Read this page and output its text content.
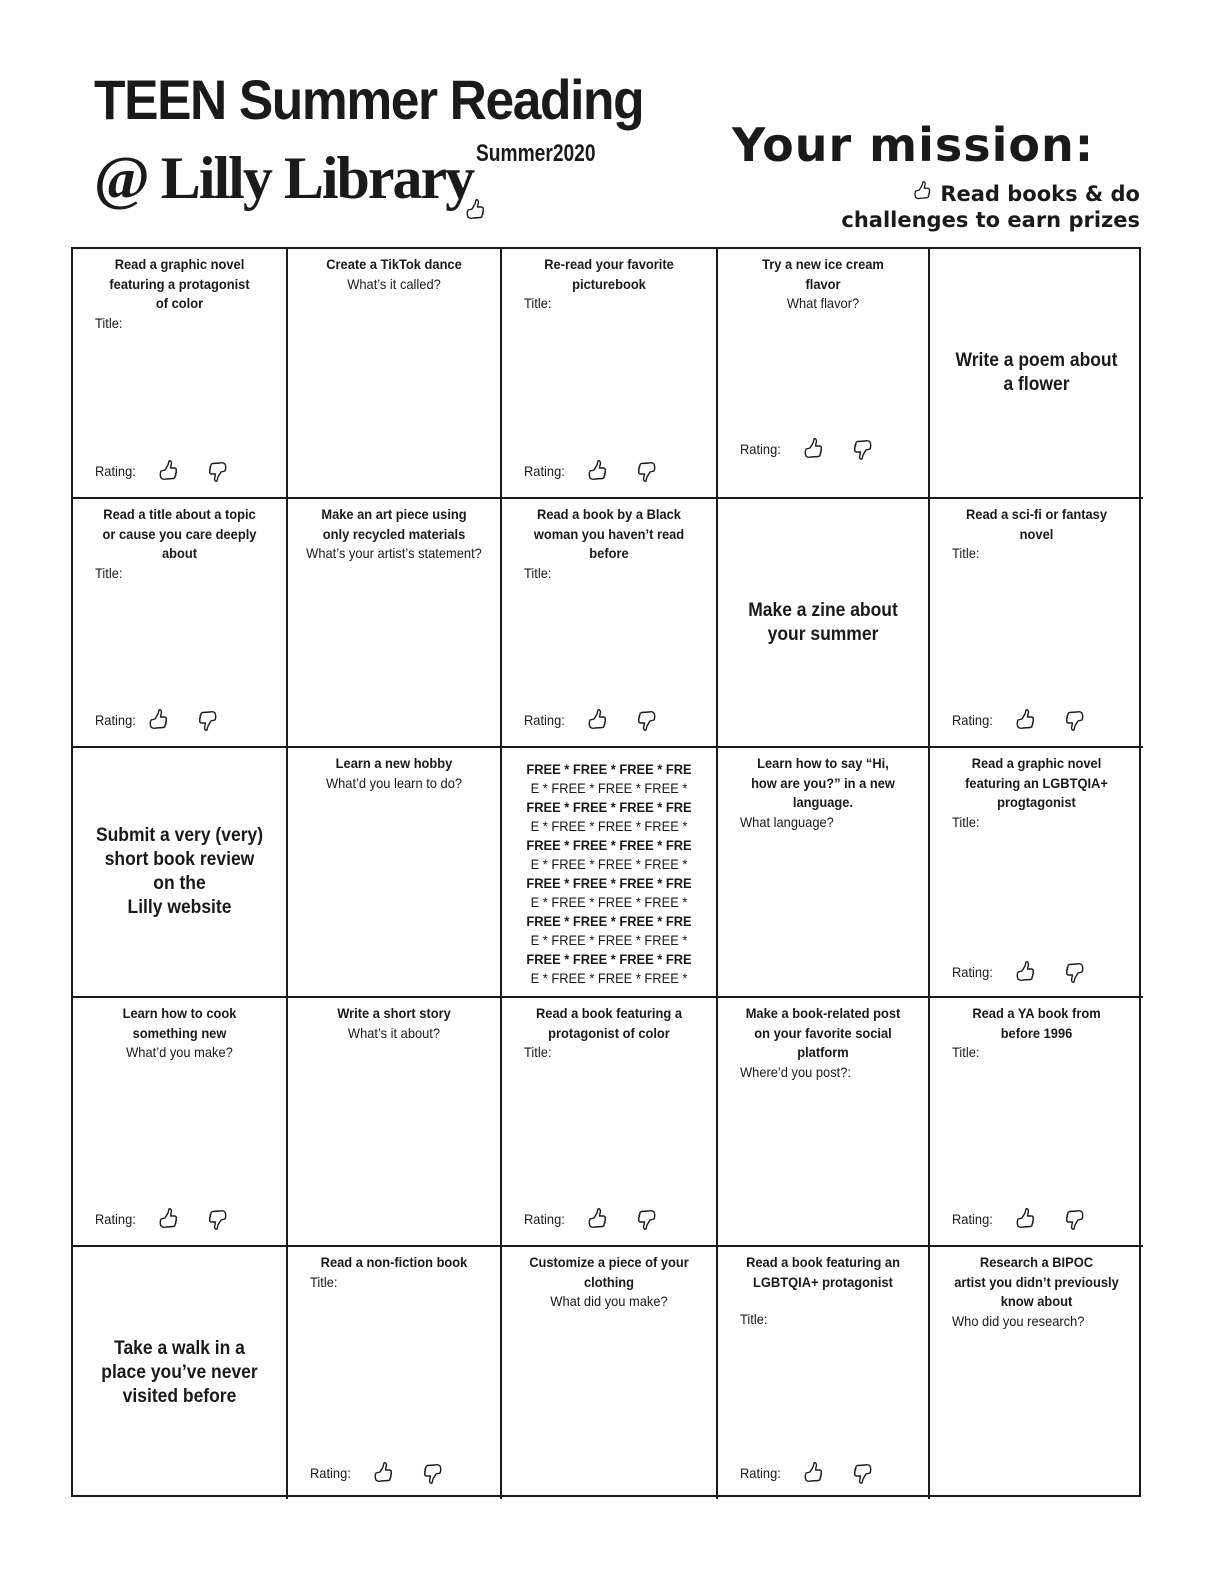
TEEN Summer Reading
@ Lilly Library Summer2020	Your mission:
Read books & do
challenges to earn prizes
Read a graphic novel
featuring a protagonist
of color
Title:
Rating:
Create a TikTok dance
What’s it called?
Re-read your favorite
picturebook
Title:
Rating:
Try a new ice cream
flavor
What flavor?
Rating:
Write a poem about
a flower
Read a title about a topic
or cause you care deeply
about
Title:
Rating:
Make an art piece using
only recycled materials
What’s your artist’s statement?
Read a book by a Black
woman you haven’t read
before
Title:
Rating:
Make a zine about
your summer
Read a sci-fi or fantasy
novel
Title:
Rating:
Submit a very (very)
short book review
on the
Lilly website
Learn a new hobby
What’d you learn to do?
FREE * FREE * FREE * FRE
E * FREE * FREE * FREE *
FREE * FREE * FREE * FRE
E * FREE * FREE * FREE *
FREE * FREE * FREE * FRE
E * FREE * FREE * FREE *
FREE * FREE * FREE * FRE
E * FREE * FREE * FREE *
FREE * FREE * FREE * FRE
E * FREE * FREE * FREE *
FREE * FREE * FREE * FRE
E * FREE * FREE * FREE *
Learn how to say “Hi,
how are you?” in a new
language.
What language?
Read a graphic novel
featuring an LGBTQIA+
progtagonist
Title:
Rating:
Learn how to cook
something new
What’d you make?
Rating:
Write a short story
What’s it about?
Read a book featuring a
protagonist of color
Title:
Rating:
Make a book-related post
on your favorite social
platform
Where’d you post?:
Read a YA book from
before 1996
Title:
Rating:
Take a walk in a
place you’ve never
visited before
Read a non-fiction book
Title:
Rating:
Customize a piece of your
clothing
What did you make?
Read a book featuring an
LGBTQIA+ protagonist
Title:
Rating:
Research a BIPOC
artist you didn’t previously
know about
Who did you research?
